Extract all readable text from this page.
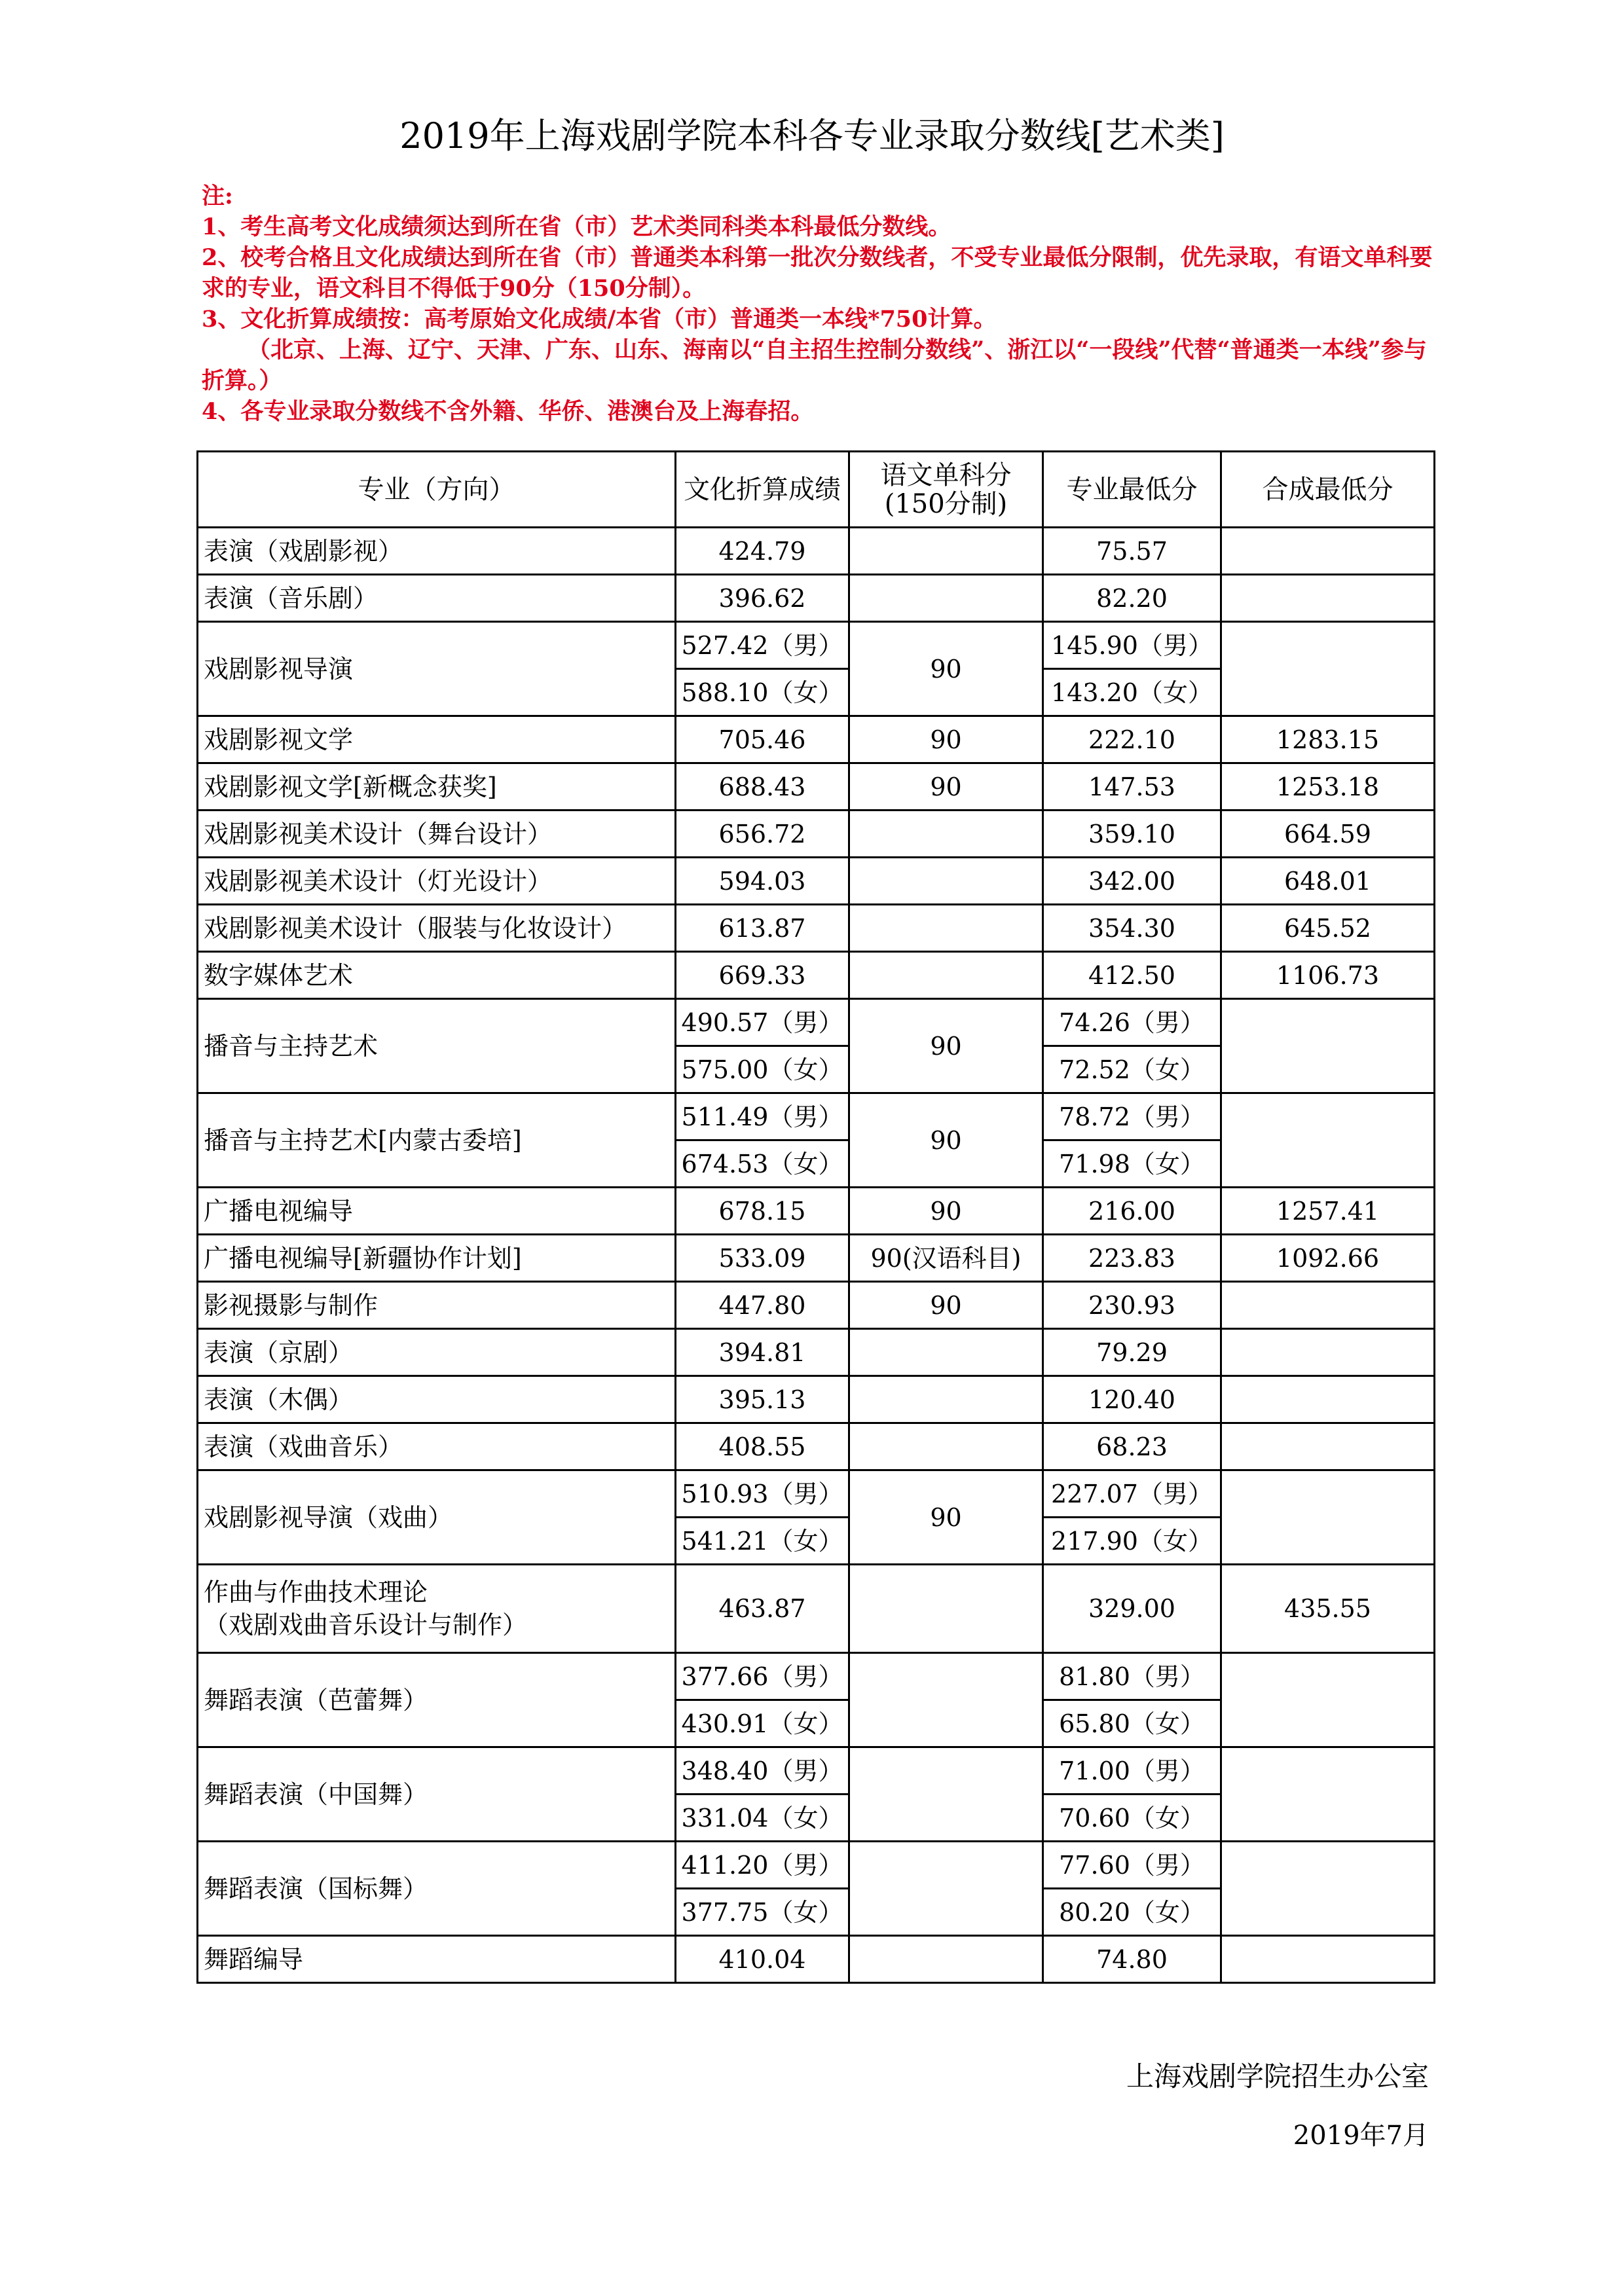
2019年上海戏剧学院本科各专业录取分数线[艺术类]
注:
1、考生高考文化成绩须达到所在省（市）艺术类同科类本科最低分数线。
2、校考合格且文化成绩达到所在省（市）普通类本科第一批次分数线者，不受专业最低分限制，优先录取，有语文单科要求的专业，语文科目不得低于90分（150分制）。
3、文化折算成绩按：高考原始文化成绩/本省（市）普通类一本线*750计算。
（北京、上海、辽宁、天津、广东、山东、海南以“自主招生控制分数线”、浙江以“一段线”代替“普通类一本线”参与折算。）
4、各专业录取分数线不含外籍、华侨、港澳台及上海春招。
专业（方向）	文化折算成绩	语文单科分
(150分制)	专业最低分	合成最低分
表演（戏剧影视）	424.79		75.57	
表演（音乐剧）	396.62		82.20	
戏剧影视导演	527.42（男）	90	145.90（男）	
	588.10（女）		143.20（女）	
戏剧影视文学	705.46	90	222.10	1283.15
戏剧影视文学[新概念获奖]	688.43	90	147.53	1253.18
戏剧影视美术设计（舞台设计）	656.72		359.10	664.59
戏剧影视美术设计（灯光设计）	594.03		342.00	648.01
戏剧影视美术设计（服装与化妆设计）	613.87		354.30	645.52
数字媒体艺术	669.33		412.50	1106.73
播音与主持艺术	490.57（男）	90	74.26（男）	
	575.00（女）		72.52（女）	
播音与主持艺术[内蒙古委培]	511.49（男）	90	78.72（男）	
	674.53（女）		71.98（女）	
广播电视编导	678.15	90	216.00	1257.41
广播电视编导[新疆协作计划]	533.09	90(汉语科目)	223.83	1092.66
影视摄影与制作	447.80	90	230.93	
表演（京剧）	394.81		79.29	
表演（木偶）	395.13		120.40	
表演（戏曲音乐）	408.55		68.23	
戏剧影视导演（戏曲）	510.93（男）	90	227.07（男）	
	541.21（女）		217.90（女）	

作曲与作曲技术理论
（戏剧戏曲音乐设计与制作）	463.87		329.00	435.55
舞蹈表演（芭蕾舞）	377.66（男）		81.80（男）	
	430.91（女）		65.80（女）	
舞蹈表演（中国舞）	348.40（男）		71.00（男）	
	331.04（女）		70.60（女）	
舞蹈表演（国标舞）	411.20（男）		77.60（男）	
	377.75（女）		80.20（女）	
舞蹈编导	410.04		74.80	
上海戏剧学院招生办公室
2019年7月
